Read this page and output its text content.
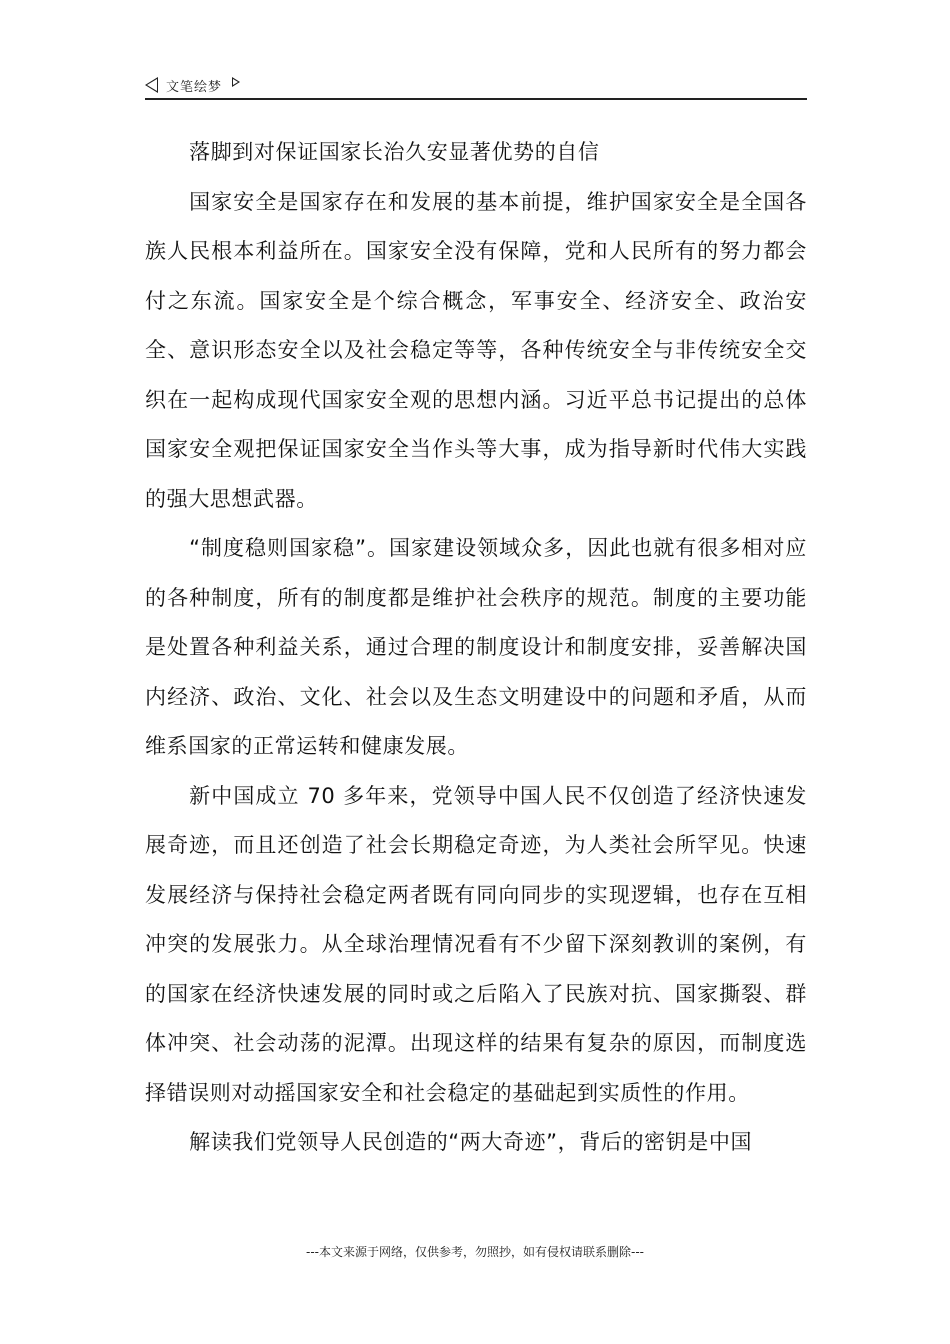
文笔绘梦

落脚到对保证国家长治久安显著优势的自信

国家安全是国家存在和发展的基本前提，维护国家安全是全国各族人民根本利益所在。国家安全没有保障，党和人民所有的努力都会付之东流。国家安全是个综合概念，军事安全、经济安全、政治安全、意识形态安全以及社会稳定等等，各种传统安全与非传统安全交织在一起构成现代国家安全观的思想内涵。习近平总书记提出的总体国家安全观把保证国家安全当作头等大事，成为指导新时代伟大实践的强大思想武器。

“制度稳则国家稳”。国家建设领域众多，因此也就有很多相对应的各种制度，所有的制度都是维护社会秩序的规范。制度的主要功能是处置各种利益关系，通过合理的制度设计和制度安排，妥善解决国内经济、政治、文化、社会以及生态文明建设中的问题和矛盾，从而维系国家的正常运转和健康发展。

新中国成立 70 多年来，党领导中国人民不仅创造了经济快速发展奇迹，而且还创造了社会长期稳定奇迹，为人类社会所罕见。快速发展经济与保持社会稳定两者既有同向同步的实现逻辑，也存在互相冲突的发展张力。从全球治理情况看有不少留下深刻教训的案例，有的国家在经济快速发展的同时或之后陷入了民族对抗、国家撕裂、群体冲突、社会动荡的泥潭。出现这样的结果有复杂的原因，而制度选择错误则对动摇国家安全和社会稳定的基础起到实质性的作用。

解读我们党领导人民创造的“两大奇迹”，背后的密钥是中国

---本文来源于网络，仅供参考，勿照抄，如有侵权请联系删除---
